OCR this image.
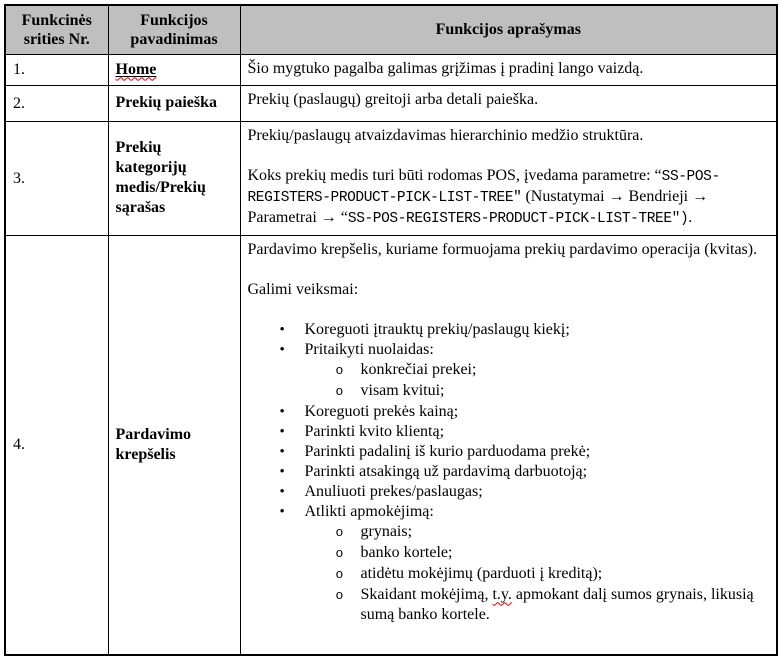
Funkcinės srities Nr.	Funkcijos pavadinimas	Funkcijos aprašymas
1.	Home	Šio mygtuko pagalba galimas grįžimas į pradinį lango vaizdą.

2.	Prekių paieška	Prekių (paslaugų) greitoji arba detali paieška.

3.	Prekių kategorijų medis/Prekių sąrašas	Prekių/paslaugų atvaizdavimas hierarchinio medžio struktūra.
Koks prekių medis turi būti rodomas POS, įvedama parametre: “SS-POS-REGISTERS-PRODUCT-PICK-LIST-TREE" (Nustatymai → Bendrieji → Parametrai → “SS-POS-REGISTERS-PRODUCT-PICK-LIST-TREE").

4.	Pardavimo krepšelis	
Pardavimo krepšelis, kuriame formuojama prekių pardavimo operacija (kvitas).
Galimi veiksmai:
•	Koreguoti įtrauktų prekių/paslaugų kiekį;
•	Pritaikyti nuolaidas:
o	konkrečiai prekei;
o	visam kvitui;
•	Koreguoti prekės kainą;
•	Parinkti kvito klientą;
•	Parinkti padalinį iš kurio parduodama prekė;
•	Parinkti atsakingą už pardavimą darbuotoją;
•	Anuliuoti prekes/paslaugas;
•	Atlikti apmokėjimą:
o	grynais;
o	banko kortele;
o	atidėtu mokėjimų (parduoti į kreditą);
o	Skaidant mokėjimą, t.y. apmokant dalį sumos grynais, likusią sumą banko kortele.
